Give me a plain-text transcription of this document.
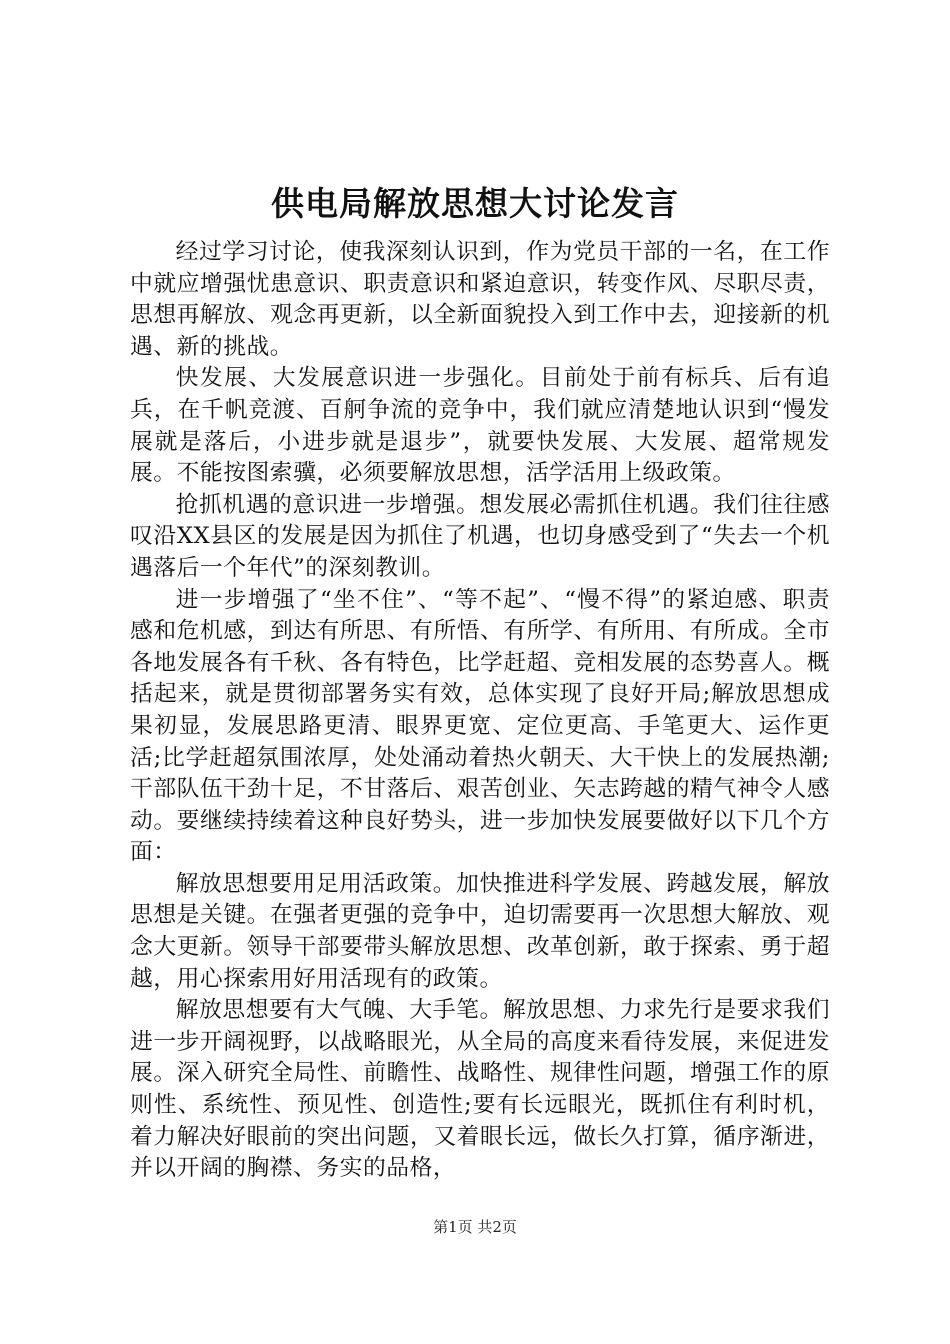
供电局解放思想大讨论发言

经过学习讨论，使我深刻认识到，作为党员干部的一名，在工作中就应增强忧患意识、职责意识和紧迫意识，转变作风、尽职尽责，思想再解放、观念再更新，以全新面貌投入到工作中去，迎接新的机遇、新的挑战。

快发展、大发展意识进一步强化。目前处于前有标兵、后有追兵，在千帆竞渡、百舸争流的竞争中，我们就应清楚地认识到“慢发展就是落后，小进步就是退步”，就要快发展、大发展、超常规发展。不能按图索骥，必须要解放思想，活学活用上级政策。

抢抓机遇的意识进一步增强。想发展必需抓住机遇。我们往往感叹沿XX县区的发展是因为抓住了机遇，也切身感受到了“失去一个机遇落后一个年代”的深刻教训。

进一步增强了“坐不住”、“等不起”、“慢不得”的紧迫感、职责感和危机感，到达有所思、有所悟、有所学、有所用、有所成。全市各地发展各有千秋、各有特色，比学赶超、竞相发展的态势喜人。概括起来，就是贯彻部署务实有效，总体实现了良好开局;解放思想成果初显，发展思路更清、眼界更宽、定位更高、手笔更大、运作更活;比学赶超氛围浓厚，处处涌动着热火朝天、大干快上的发展热潮;干部队伍干劲十足，不甘落后、艰苦创业、矢志跨越的精气神令人感动。要继续持续着这种良好势头，进一步加快发展要做好以下几个方面：

解放思想要用足用活政策。加快推进科学发展、跨越发展，解放思想是关键。在强者更强的竞争中，迫切需要再一次思想大解放、观念大更新。领导干部要带头解放思想、改革创新，敢于探索、勇于超越，用心探索用好用活现有的政策。

解放思想要有大气魄、大手笔。解放思想、力求先行是要求我们进一步开阔视野，以战略眼光，从全局的高度来看待发展，来促进发展。深入研究全局性、前瞻性、战略性、规律性问题，增强工作的原则性、系统性、预见性、创造性;要有长远眼光，既抓住有利时机，着力解决好眼前的突出问题，又着眼长远，做长久打算，循序渐进，并以开阔的胸襟、务实的品格，

第1页 共2页
